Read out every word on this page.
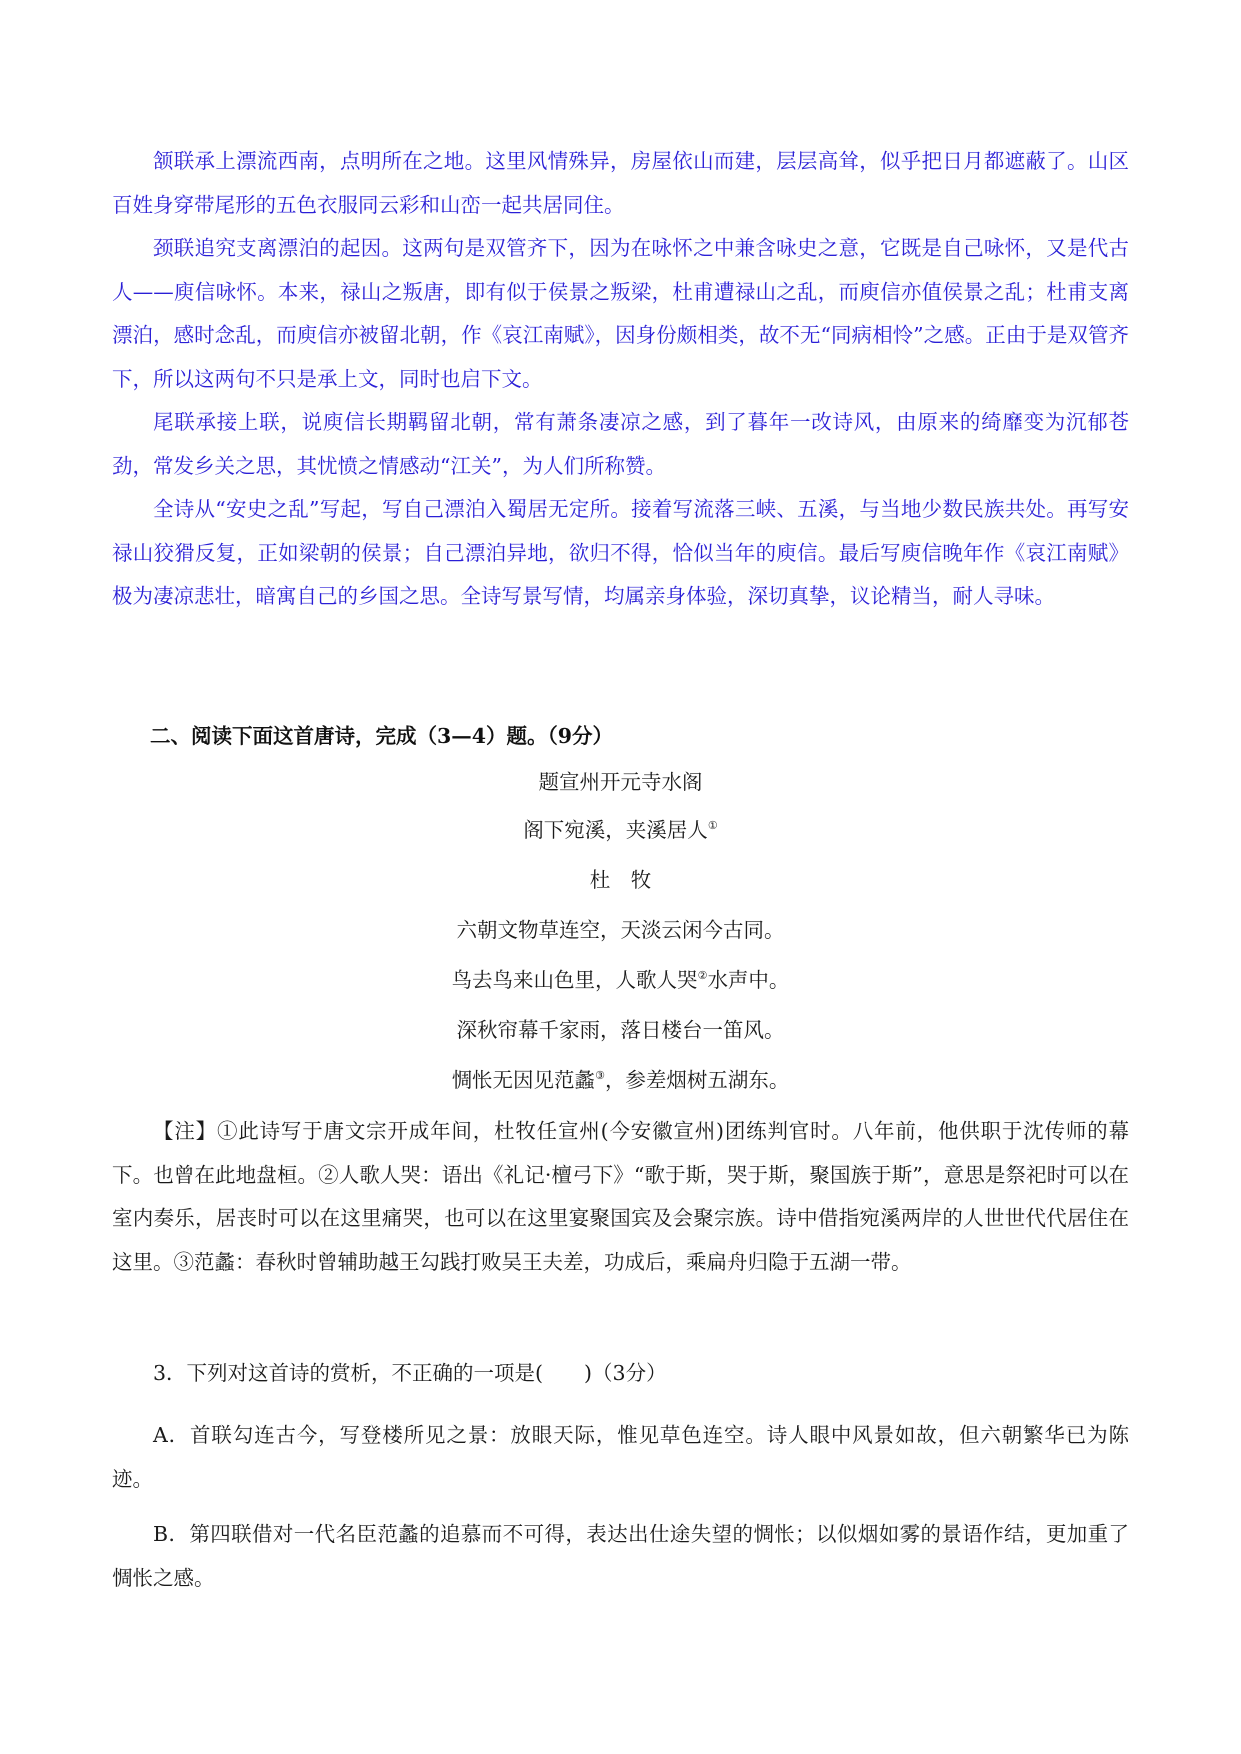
颔联承上漂流西南，点明所在之地。这里风情殊异，房屋依山而建，层层高耸，似乎把日月都遮蔽了。山区百姓身穿带尾形的五色衣服同云彩和山峦一起共居同住。

颈联追究支离漂泊的起因。这两句是双管齐下，因为在咏怀之中兼含咏史之意，它既是自己咏怀，又是代古人——庾信咏怀。本来，禄山之叛唐，即有似于侯景之叛梁，杜甫遭禄山之乱，而庾信亦值侯景之乱；杜甫支离漂泊，感时念乱，而庾信亦被留北朝，作《哀江南赋》，因身份颇相类，故不无“同病相怜”之感。正由于是双管齐下，所以这两句不只是承上文，同时也启下文。

尾联承接上联，说庾信长期羁留北朝，常有萧条凄凉之感，到了暮年一改诗风，由原来的绮靡变为沉郁苍劲，常发乡关之思，其忧愤之情感动“江关”，为人们所称赞。

全诗从“安史之乱”写起，写自己漂泊入蜀居无定所。接着写流落三峡、五溪，与当地少数民族共处。再写安禄山狡猾反复，正如梁朝的侯景；自己漂泊异地，欲归不得，恰似当年的庾信。最后写庾信晚年作《哀江南赋》极为凄凉悲壮，暗寓自己的乡国之思。全诗写景写情，均属亲身体验，深切真挚，议论精当，耐人寻味。

二、阅读下面这首唐诗，完成（3—4）题。（9分）

题宣州开元寺水阁

阁下宛溪，夹溪居人①

杜　牧

六朝文物草连空，天淡云闲今古同。

鸟去鸟来山色里，人歌人哭②水声中。

深秋帘幕千家雨，落日楼台一笛风。

惆怅无因见范蠡③，参差烟树五湖东。

【注】①此诗写于唐文宗开成年间，杜牧任宣州(今安徽宣州)团练判官时。八年前，他供职于沈传师的幕下。也曾在此地盘桓。②人歌人哭：语出《礼记·檀弓下》“歌于斯，哭于斯，聚国族于斯”，意思是祭祀时可以在室内奏乐，居丧时可以在这里痛哭，也可以在这里宴聚国宾及会聚宗族。诗中借指宛溪两岸的人世世代代居住在这里。③范蠡：春秋时曾辅助越王勾践打败吴王夫差，功成后，乘扁舟归隐于五湖一带。

3．下列对这首诗的赏析，不正确的一项是(　　)（3分）

A．首联勾连古今，写登楼所见之景：放眼天际，惟见草色连空。诗人眼中风景如故，但六朝繁华已为陈迹。

B．第四联借对一代名臣范蠡的追慕而不可得，表达出仕途失望的惆怅；以似烟如雾的景语作结，更加重了惆怅之感。
